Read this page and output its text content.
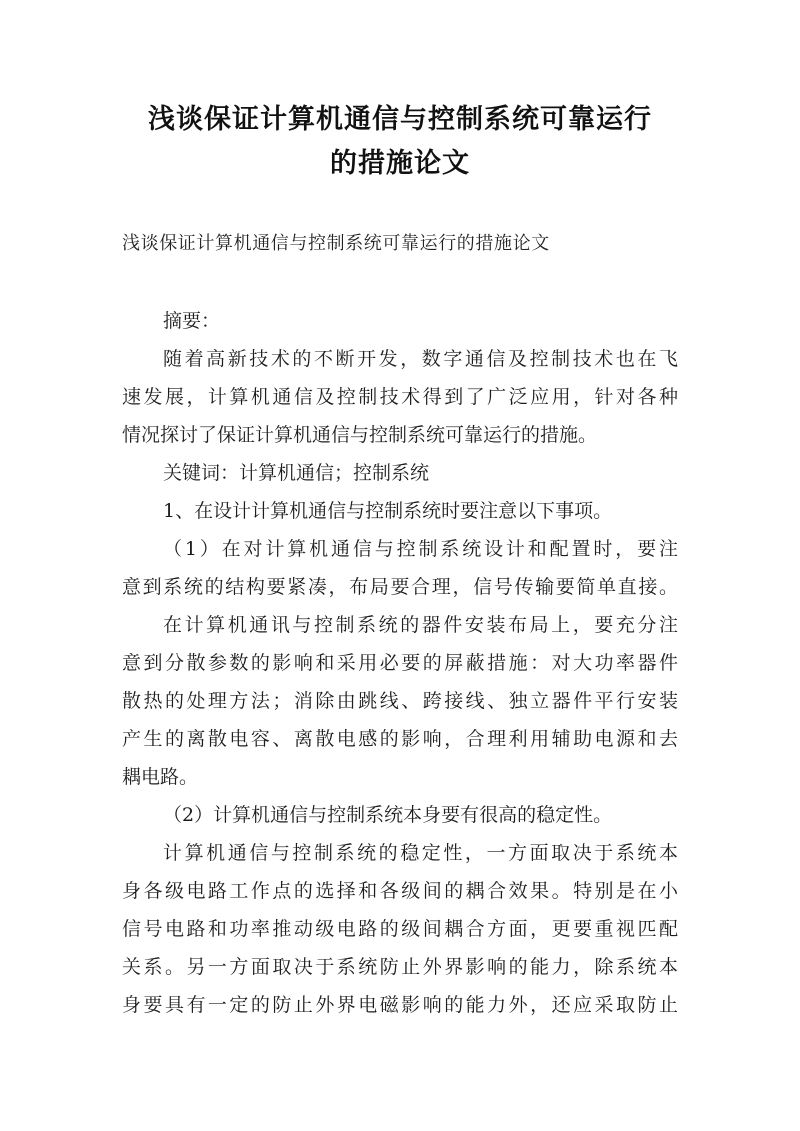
浅谈保证计算机通信与控制系统可靠运行
的措施论文
浅谈保证计算机通信与控制系统可靠运行的措施论文
摘要：
随着高新技术的不断开发，数字通信及控制技术也在飞
速发展，计算机通信及控制技术得到了广泛应用，针对各种
情况探讨了保证计算机通信与控制系统可靠运行的措施。
关键词：计算机通信；控制系统
1、在设计计算机通信与控制系统时要注意以下事项。
（1）在对计算机通信与控制系统设计和配置时，要注
意到系统的结构要紧凑，布局要合理，信号传输要简单直接。
在计算机通讯与控制系统的器件安装布局上，要充分注
意到分散参数的影响和采用必要的屏蔽措施：对大功率器件
散热的处理方法；消除由跳线、跨接线、独立器件平行安装
产生的离散电容、离散电感的影响，合理利用辅助电源和去
耦电路。
（2）计算机通信与控制系统本身要有很高的稳定性。
计算机通信与控制系统的稳定性，一方面取决于系统本
身各级电路工作点的选择和各级间的耦合效果。特别是在小
信号电路和功率推动级电路的级间耦合方面，更要重视匹配
关系。另一方面取决于系统防止外界影响的能力，除系统本
身要具有一定的防止外界电磁影响的能力外，还应采取防止
